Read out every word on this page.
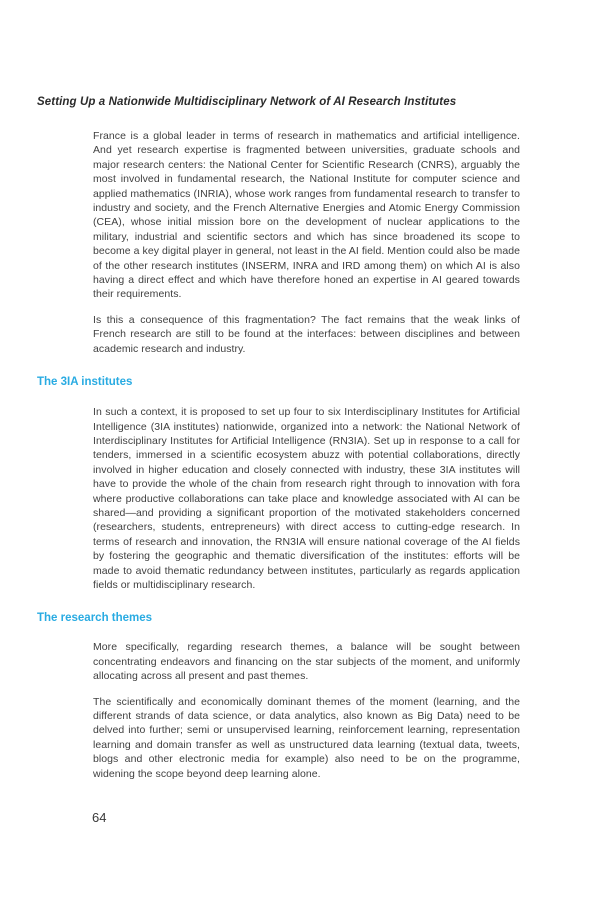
Setting Up a Nationwide Multidisciplinary Network of AI Research Institutes

France is a global leader in terms of research in mathematics and artificial intelligence. And yet research expertise is fragmented between universities, graduate schools and major research centers: the National Center for Scientific Research (CNRS), arguably the most involved in fundamental research, the National Institute for computer science and applied mathematics (INRIA), whose work ranges from fundamental research to transfer to industry and society, and the French Alternative Energies and Atomic Energy Commission (CEA), whose initial mission bore on the development of nuclear applications to the military, industrial and scientific sectors and which has since broadened its scope to become a key digital player in general, not least in the AI field. Mention could also be made of the other research institutes (INSERM, INRA and IRD among them) on which AI is also having a direct effect and which have therefore honed an expertise in AI geared towards their requirements.

Is this a consequence of this fragmentation? The fact remains that the weak links of French research are still to be found at the interfaces: between disciplines and between academic research and industry.

The 3IA institutes

In such a context, it is proposed to set up four to six Interdisciplinary Institutes for Artificial Intelligence (3IA institutes) nationwide, organized into a network: the National Network of Interdisciplinary Institutes for Artificial Intelligence (RN3IA). Set up in response to a call for tenders, immersed in a scientific ecosystem abuzz with potential collaborations, directly involved in higher education and closely connected with industry, these 3IA institutes will have to provide the whole of the chain from research right through to innovation with fora where productive collaborations can take place and knowledge associated with AI can be shared—and providing a significant proportion of the motivated stakeholders concerned (researchers, students, entrepreneurs) with direct access to cutting-edge research. In terms of research and innovation, the RN3IA will ensure national coverage of the AI fields by fostering the geographic and thematic diversification of the institutes: efforts will be made to avoid thematic redundancy between institutes, particularly as regards application fields or multidisciplinary research.

The research themes

More specifically, regarding research themes, a balance will be sought between concentrating endeavors and financing on the star subjects of the moment, and uniformly allocating across all present and past themes.

The scientifically and economically dominant themes of the moment (learning, and the different strands of data science, or data analytics, also known as Big Data) need to be delved into further; semi or unsupervised learning, reinforcement learning, representation learning and domain transfer as well as unstructured data learning (textual data, tweets, blogs and other electronic media for example) also need to be on the programme, widening the scope beyond deep learning alone.

64
